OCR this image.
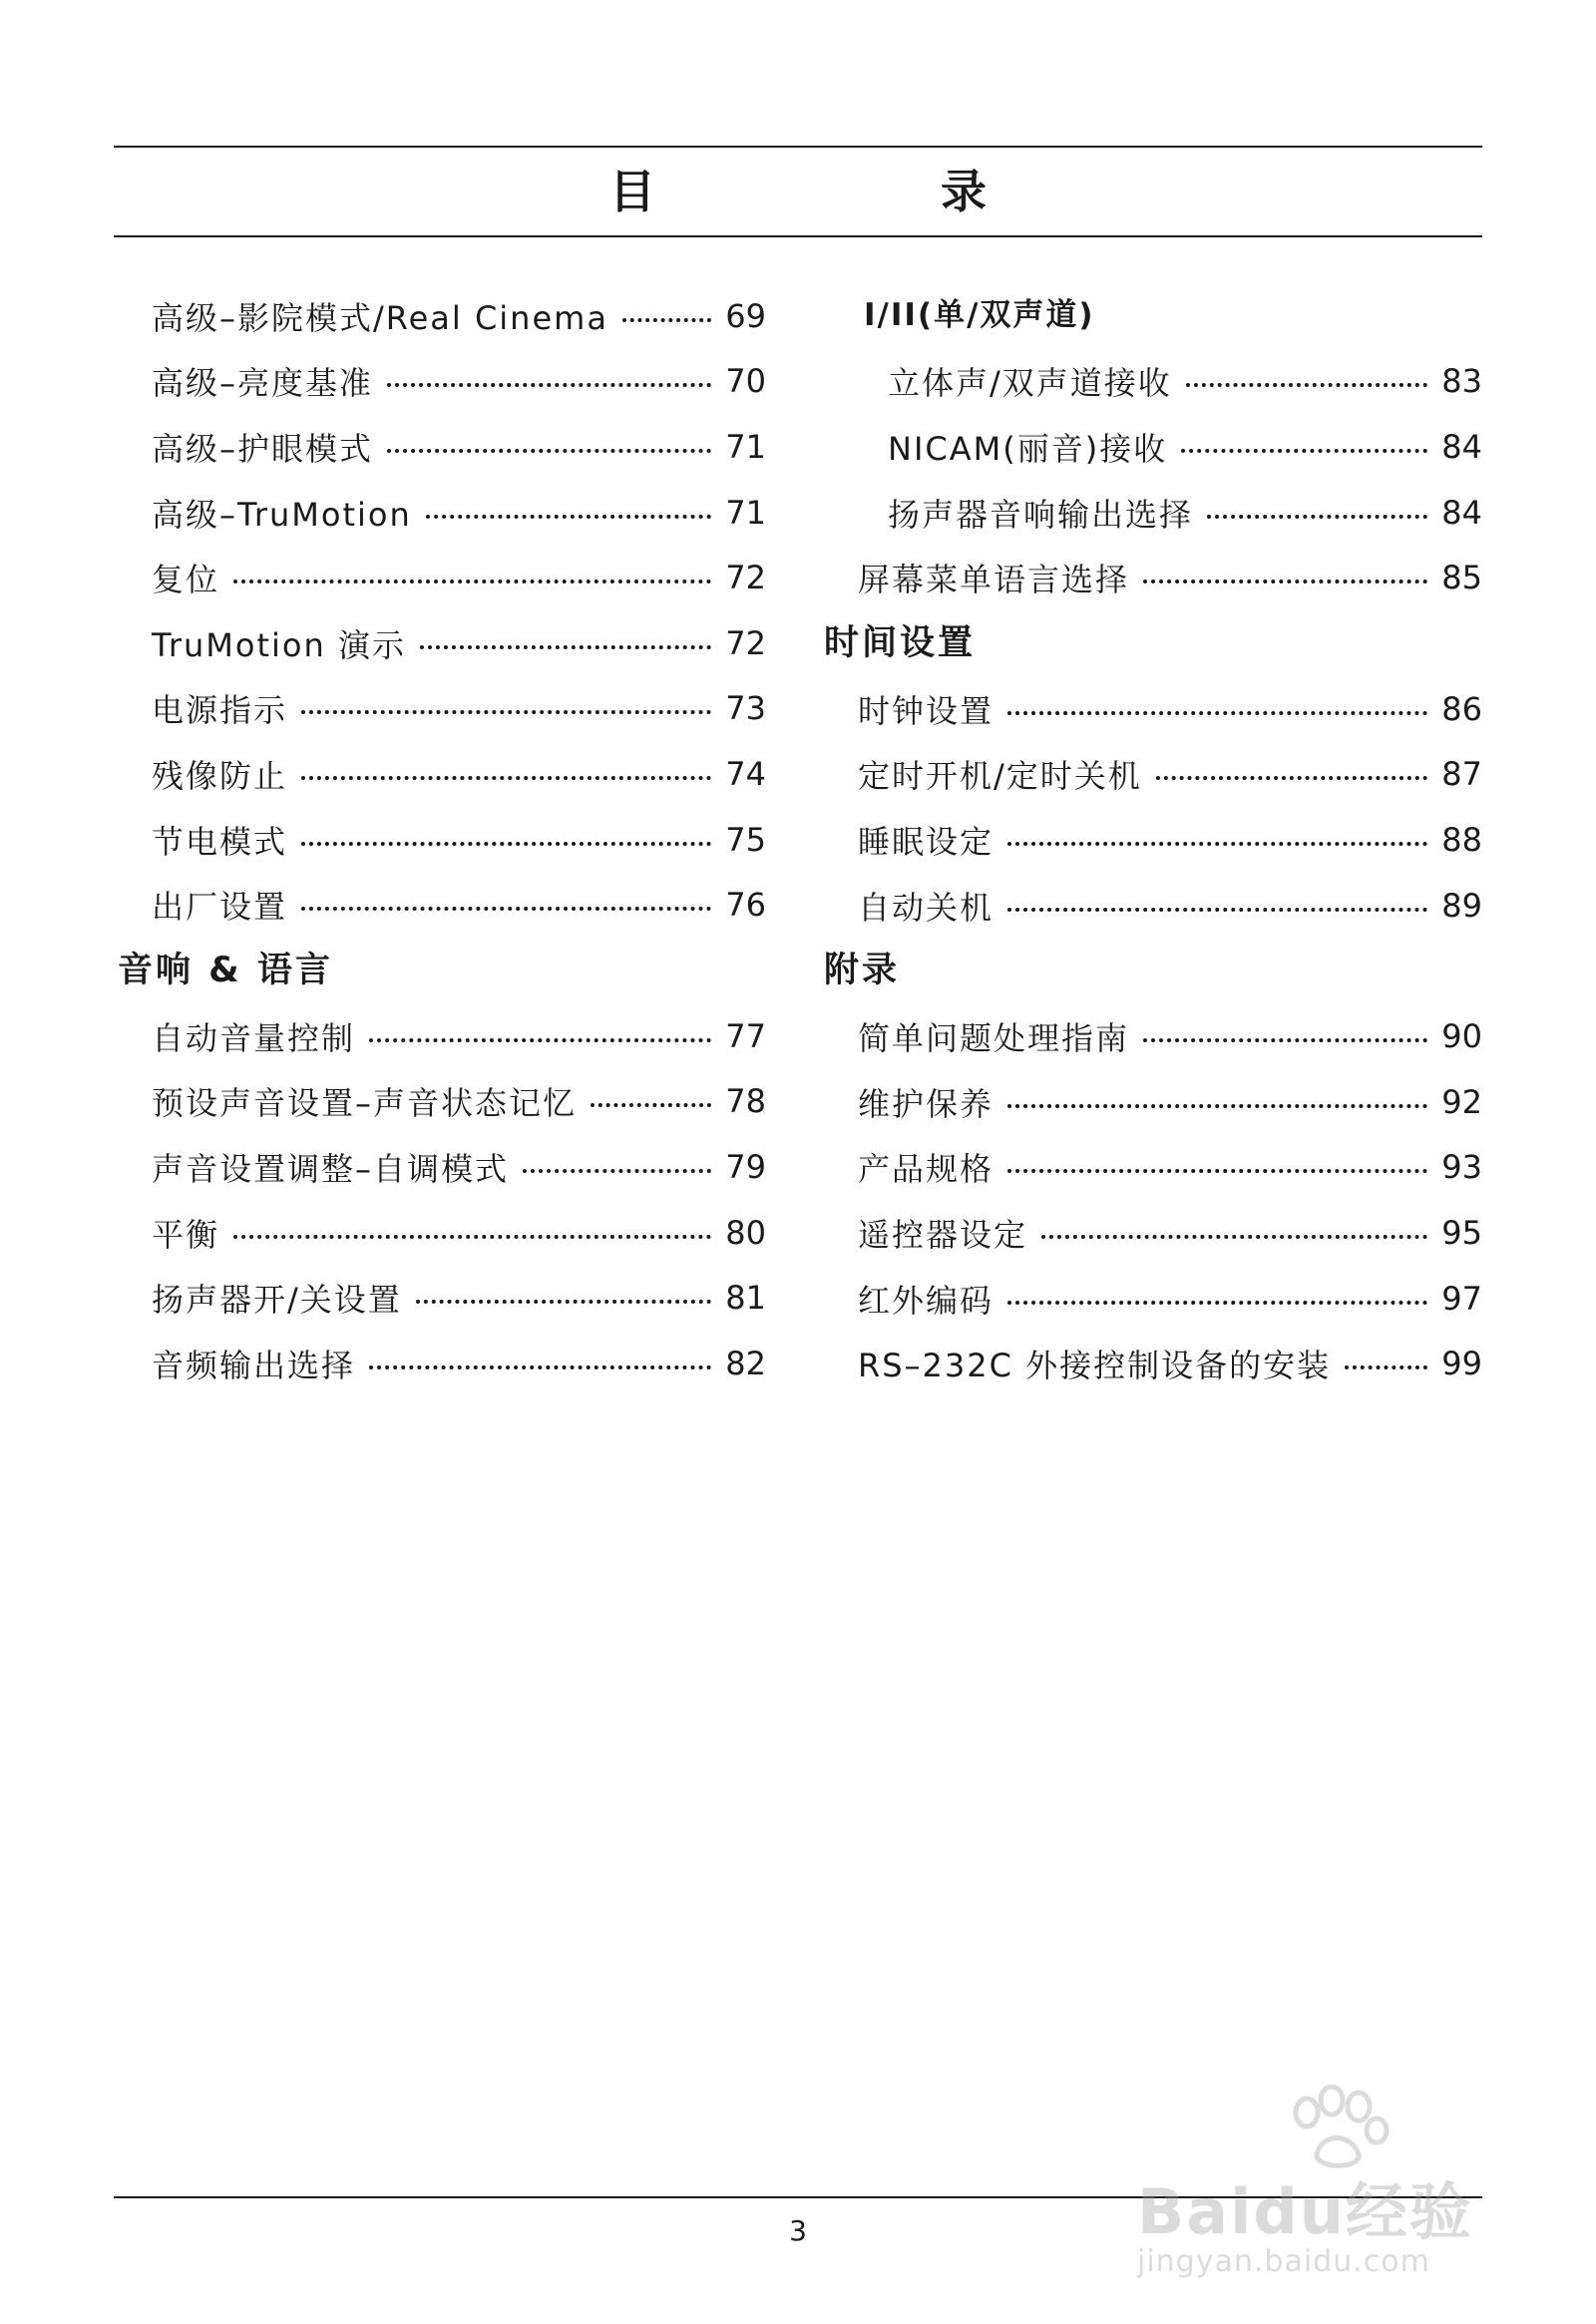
目　录
高级–影院模式/Real Cinema	69
高级–亮度基准	70
高级–护眼模式	71
高级–TruMotion	71
复位	72
TruMotion 演示	72
电源指示	73
残像防止	74
节电模式	75
出厂设置	76
音响 & 语言
自动音量控制	77
预设声音设置–声音状态记忆	78
声音设置调整–自调模式	79
平衡	80
扬声器开/关设置	81
音频输出选择	82
I/II(单/双声道)
立体声/双声道接收	83
NICAM(丽音)接收	84
扬声器音响输出选择	84
屏幕菜单语言选择	85
时间设置
时钟设置	86
定时开机/定时关机	87
睡眠设定	88
自动关机	89
附录
简单问题处理指南	90
维护保养	92
产品规格	93
遥控器设定	95
红外编码	97
RS–232C 外接控制设备的安装	99
3	Baidu经验
jingyan.baidu.com
